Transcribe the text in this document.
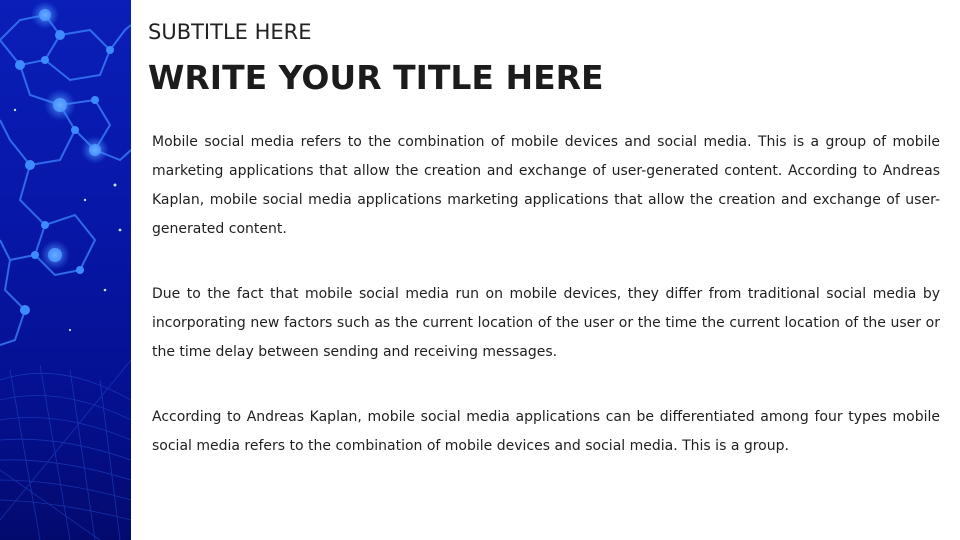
SUBTITLE HERE
WRITE YOUR TITLE HERE

Mobile social media refers to the combination of mobile devices and social media. This is a group of mobile marketing applications that allow the creation and exchange of user-generated content. According to Andreas Kaplan, mobile social media applications marketing applications that allow the creation and exchange of user-generated content.

Due to the fact that mobile social media run on mobile devices, they differ from traditional social media by incorporating new factors such as the current location of the user or the time the current location of the user or the time delay between sending and receiving messages.

According to Andreas Kaplan, mobile social media applications can be differentiated among four types mobile social media refers to the combination of mobile devices and social media. This is a group.
